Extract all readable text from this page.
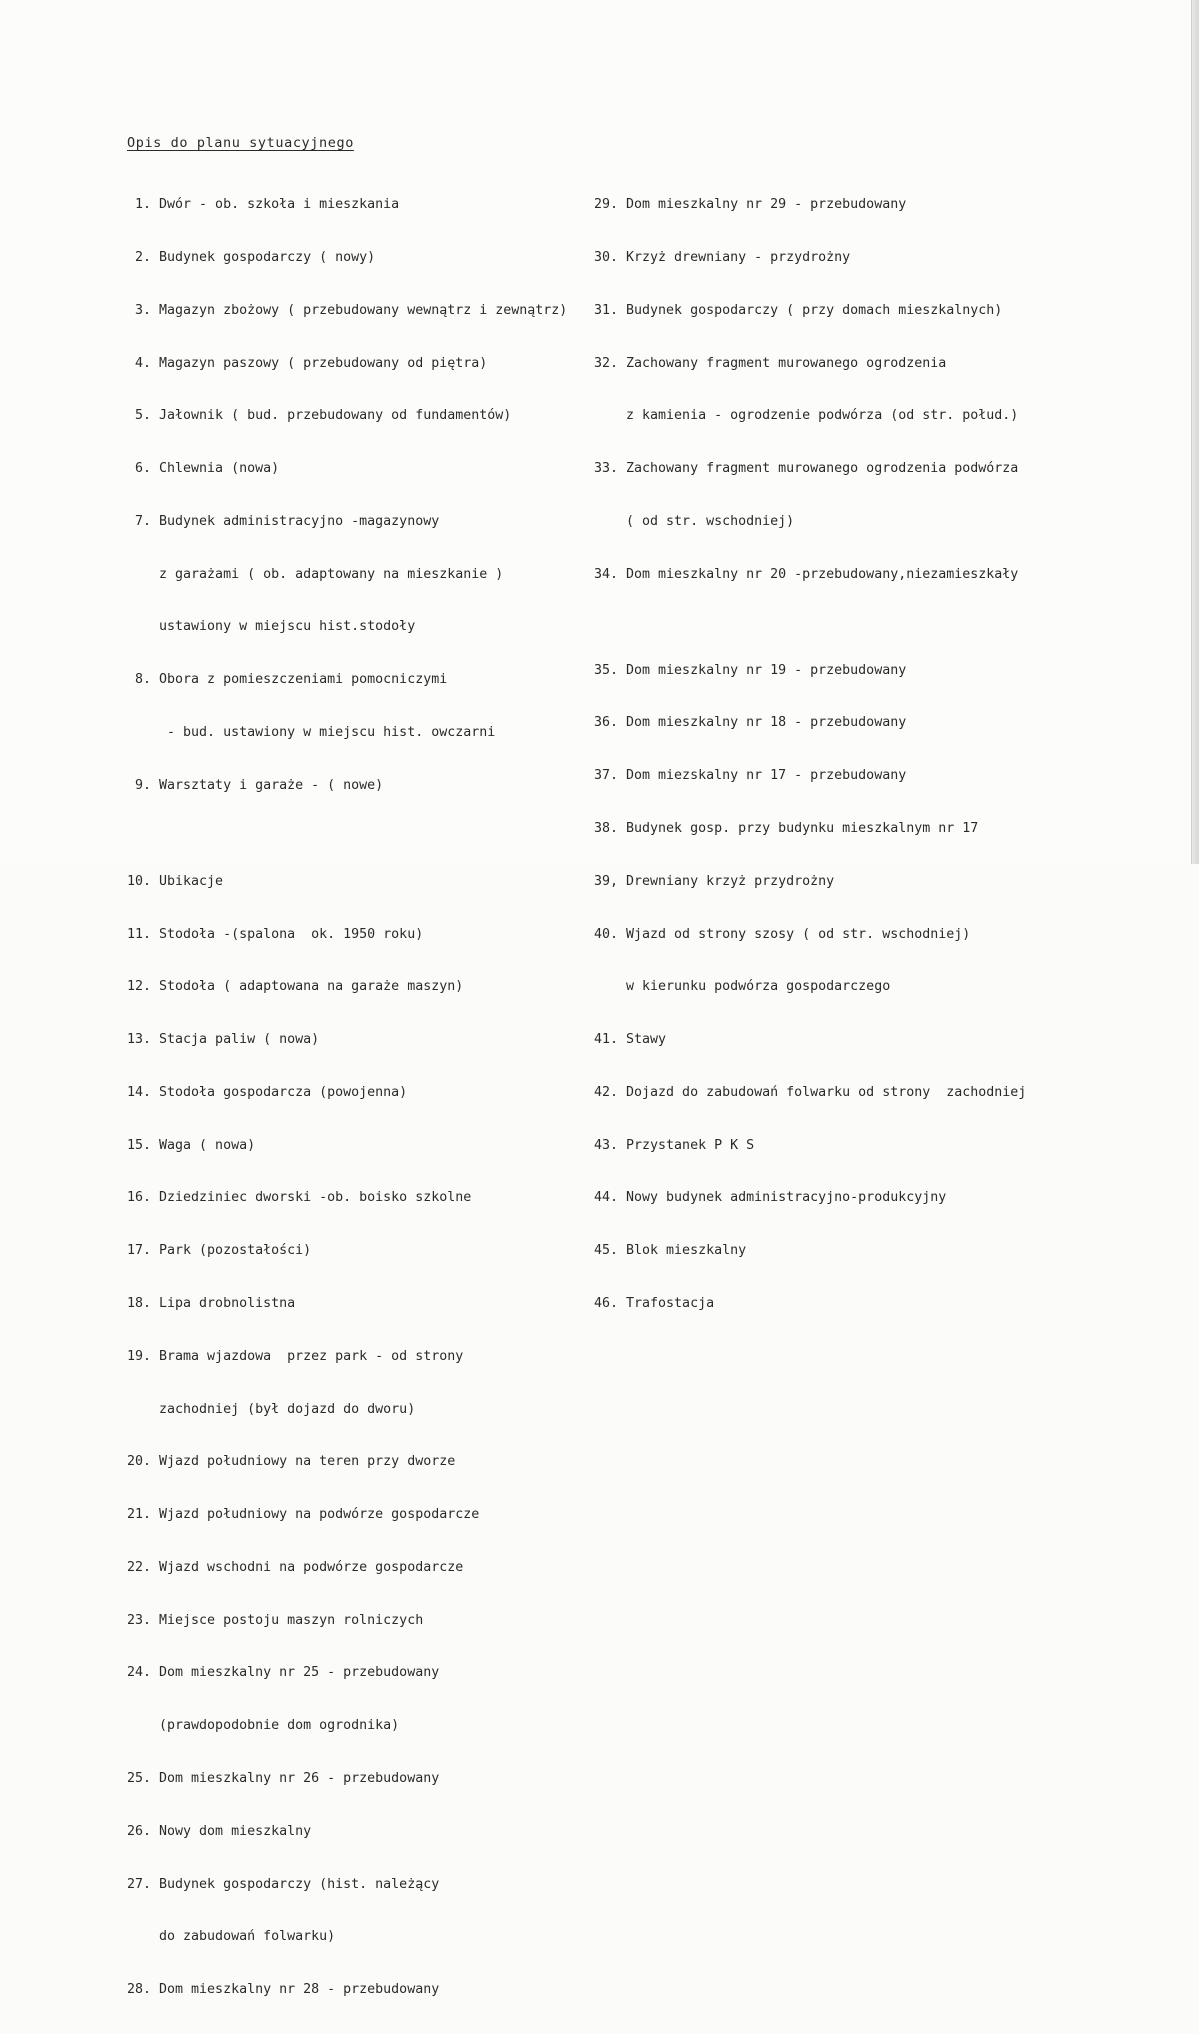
Opis do planu sytuacyjnego

1. Dwór - ob. szkoła i mieszkania

2. Budynek gospodarczy ( nowy)

3. Magazyn zbożowy ( przebudowany wewnątrz i zewnątrz)

4. Magazyn paszowy ( przebudowany od piętra)

5. Jałownik ( bud. przebudowany od fundamentów)

6. Chlewnia (nowa)

7. Budynek administracyjno -magazynowy

z garażami ( ob. adaptowany na mieszkanie )

ustawiony w miejscu hist.stodoły

8. Obora z pomieszczeniami pomocniczymi

- bud. ustawiony w miejscu hist. owczarni

9. Warsztaty i garaże - ( nowe)

10. Ubikacje

11. Stodoła -(spalona  ok. 1950 roku)

12. Stodoła ( adaptowana na garaże maszyn)

13. Stacja paliw ( nowa)

14. Stodoła gospodarcza (powojenna)

15. Waga ( nowa)

16. Dziedziniec dworski -ob. boisko szkolne

17. Park (pozostałości)

18. Lipa drobnolistna

19. Brama wjazdowa  przez park - od strony

zachodniej (był dojazd do dworu)

20. Wjazd południowy na teren przy dworze

21. Wjazd południowy na podwórze gospodarcze

22. Wjazd wschodni na podwórze gospodarcze

23. Miejsce postoju maszyn rolniczych

24. Dom mieszkalny nr 25 - przebudowany

(prawdopodobnie dom ogrodnika)

25. Dom mieszkalny nr 26 - przebudowany

26. Nowy dom mieszkalny

27. Budynek gospodarczy (hist. należący

do zabudowań folwarku)

28. Dom mieszkalny nr 28 - przebudowany

29. Dom mieszkalny nr 29 - przebudowany

30. Krzyż drewniany - przydrożny

31. Budynek gospodarczy ( przy domach mieszkalnych)

32. Zachowany fragment murowanego ogrodzenia

z kamienia - ogrodzenie podwórza (od str. połud.)

33. Zachowany fragment murowanego ogrodzenia podwórza

( od str. wschodniej)

34. Dom mieszkalny nr 20 -przebudowany,niezamieszkały

35. Dom mieszkalny nr 19 - przebudowany

36. Dom mieszkalny nr 18 - przebudowany

37. Dom miezskalny nr 17 - przebudowany

38. Budynek gosp. przy budynku mieszkalnym nr 17

39, Drewniany krzyż przydrożny

40. Wjazd od strony szosy ( od str. wschodniej)

w kierunku podwórza gospodarczego

41. Stawy

42. Dojazd do zabudowań folwarku od strony  zachodniej

43. Przystanek P K S

44. Nowy budynek administracyjno-produkcyjny

45. Blok mieszkalny

46. Trafostacja
